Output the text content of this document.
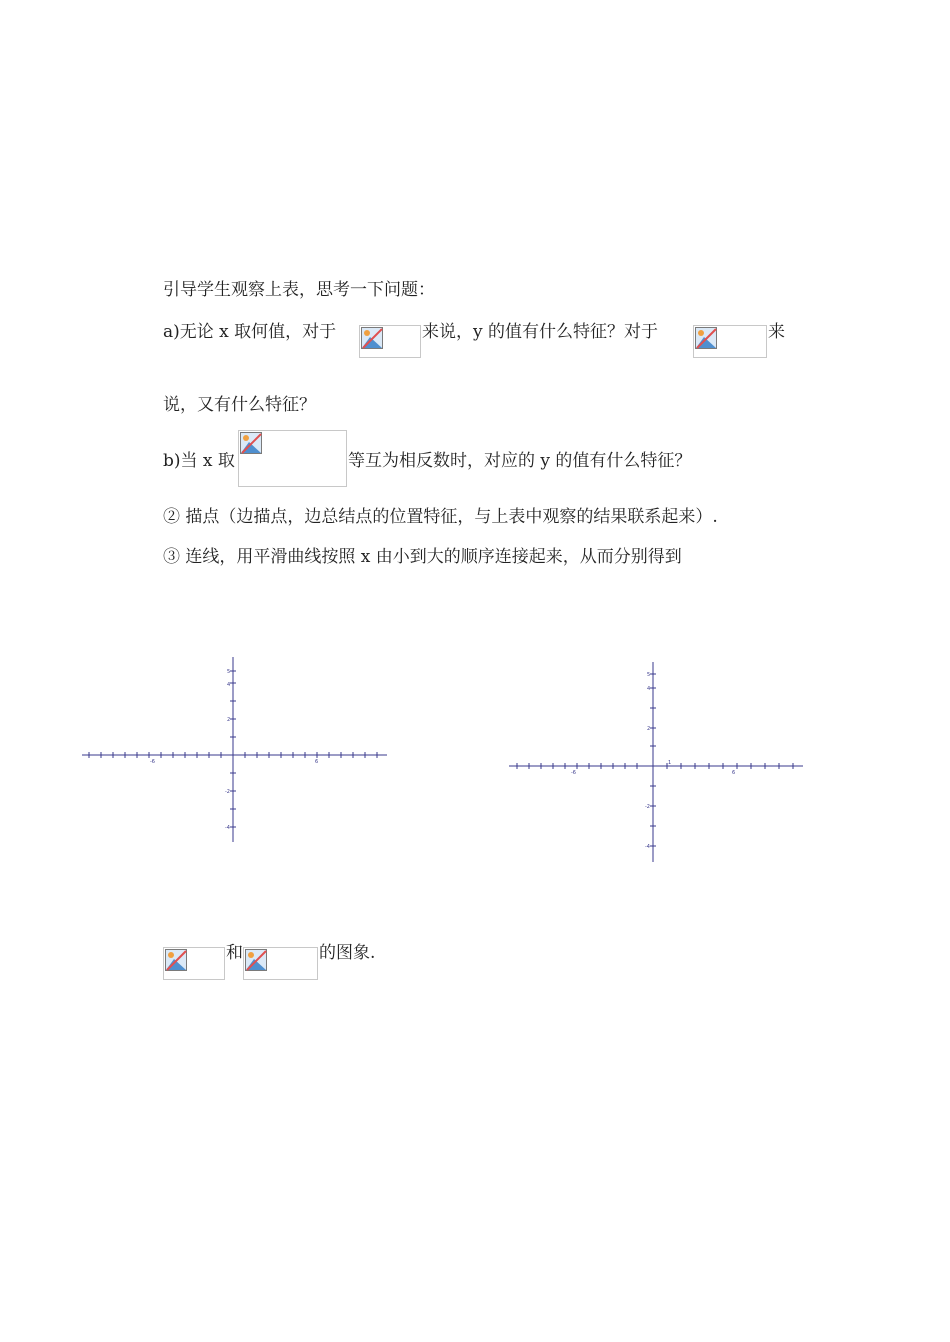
引导学生观察上表，思考一下问题：
a)无论 x 取何值，对于	来说，y 的值有什么特征？对于	来
说，又有什么特征？
b)当 x 取	等互为相反数时，对应的 y 的值有什么特征？
② 描点（边描点，边总结点的位置特征，与上表中观察的结果联系起来）.
③ 连线，用平滑曲线按照 x 由小到大的顺序连接起来，从而分别得到
5
4
2
-2
-4
-6	6
5
4
2
-2
-4
-6
1
6
和	的图象.
